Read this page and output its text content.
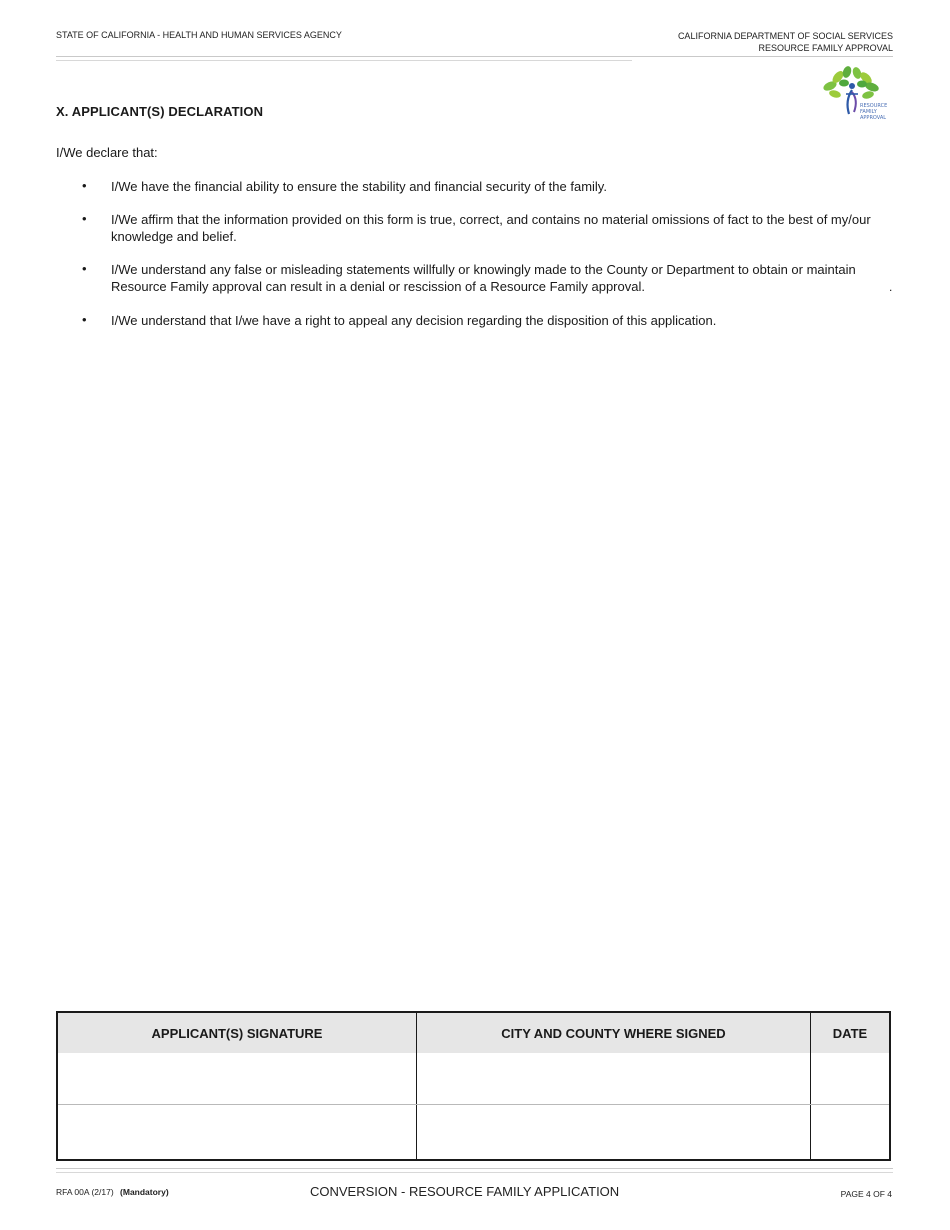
STATE OF CALIFORNIA - HEALTH AND HUMAN SERVICES AGENCY	CALIFORNIA DEPARTMENT OF SOCIAL SERVICES
RESOURCE FAMILY APPROVAL
RESOURCE
FAMILY
APPROVAL
X. APPLICANT(S) DECLARATION
I/We declare that:
• I/We have the financial ability to ensure the stability and financial security of the family.
• I/We affirm that the information provided on this form is true, correct, and contains no material omissions of fact to the best of my/our knowledge and belief.
• I/We understand any false or misleading statements willfully or knowingly made to the County or Department to obtain or maintain Resource Family approval can result in a denial or rescission of a Resource Family approval.
• I/We understand that I/we have a right to appeal any decision regarding the disposition of this application.
.
APPLICANT(S) SIGNATURE	CITY AND COUNTY WHERE SIGNED	DATE
RFA 00A (2/17) (Mandatory)	CONVERSION - RESOURCE FAMILY APPLICATION	PAGE 4 OF 4
